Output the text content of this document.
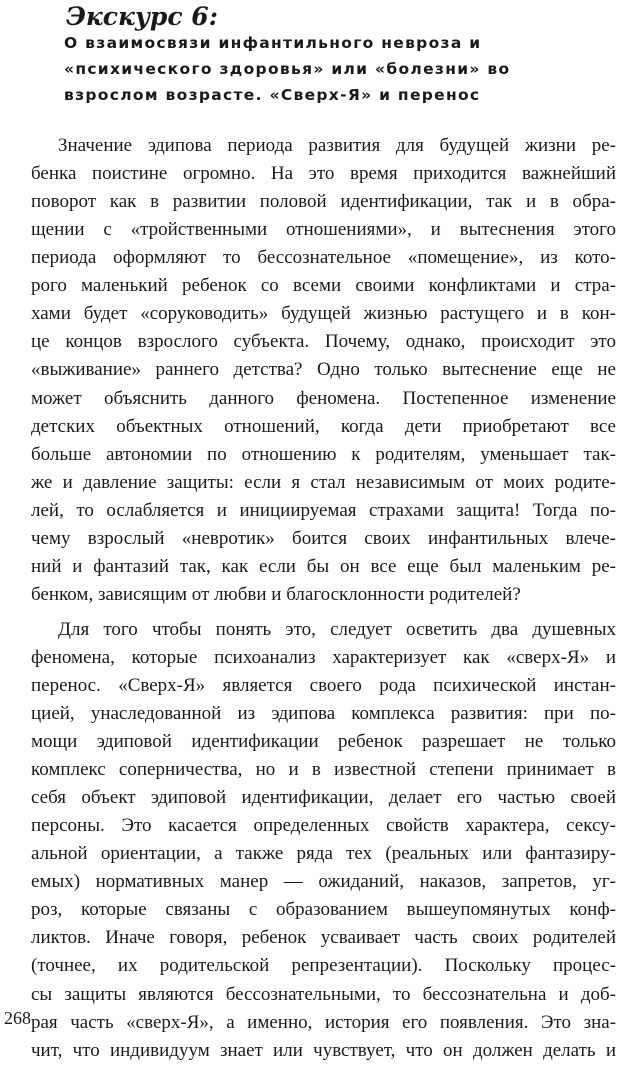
Экскурс 6:
О взаимосвязи инфантильного невроза и
«психического здоровья» или «болезни» во
взрослом возрасте. «Сверх-Я» и перенос
Значение эдипова периода развития для будущей жизни ре-
бенка поистине огромно. На это время приходится важнейший
поворот как в развитии половой идентификации, так и в обра-
щении с «тройственными отношениями», и вытеснения этого
периода оформляют то бессознательное «помещение», из кото-
рого маленький ребенок со всеми своими конфликтами и стра-
хами будет «соруководить» будущей жизнью растущего и в кон-
це концов взрослого субъекта. Почему, однако, происходит это
«выживание» раннего детства? Одно только вытеснение еще не
может объяснить данного феномена. Постепенное изменение
детских объектных отношений, когда дети приобретают все
больше автономии по отношению к родителям, уменьшает так-
же и давление защиты: если я стал независимым от моих родите-
лей, то ослабляется и инициируемая страхами защита! Тогда по-
чему взрослый «невротик» боится своих инфантильных влече-
ний и фантазий так, как если бы он все еще был маленьким ре-
бенком, зависящим от любви и благосклонности родителей?
Для того чтобы понять это, следует осветить два душевных
феномена, которые психоанализ характеризует как «сверх-Я» и
перенос. «Сверх-Я» является своего рода психической инстан-
цией, унаследованной из эдипова комплекса развития: при по-
мощи эдиповой идентификации ребенок разрешает не только
комплекс соперничества, но и в известной степени принимает в
себя объект эдиповой идентификации, делает его частью своей
персоны. Это касается определенных свойств характера, сексу-
альной ориентации, а также ряда тех (реальных или фантазиру-
емых) нормативных манер — ожиданий, наказов, запретов, уг-
роз, которые связаны с образованием вышеупомянутых конф-
ликтов. Иначе говоря, ребенок усваивает часть своих родителей
(точнее, их родительской репрезентации). Поскольку процес-
сы защиты являются бессознательными, то бессознательна и доб-
рая часть «сверх-Я», а именно, история его появления. Это зна-
чит, что индивидуум знает или чувствует, что он должен делать и
268
